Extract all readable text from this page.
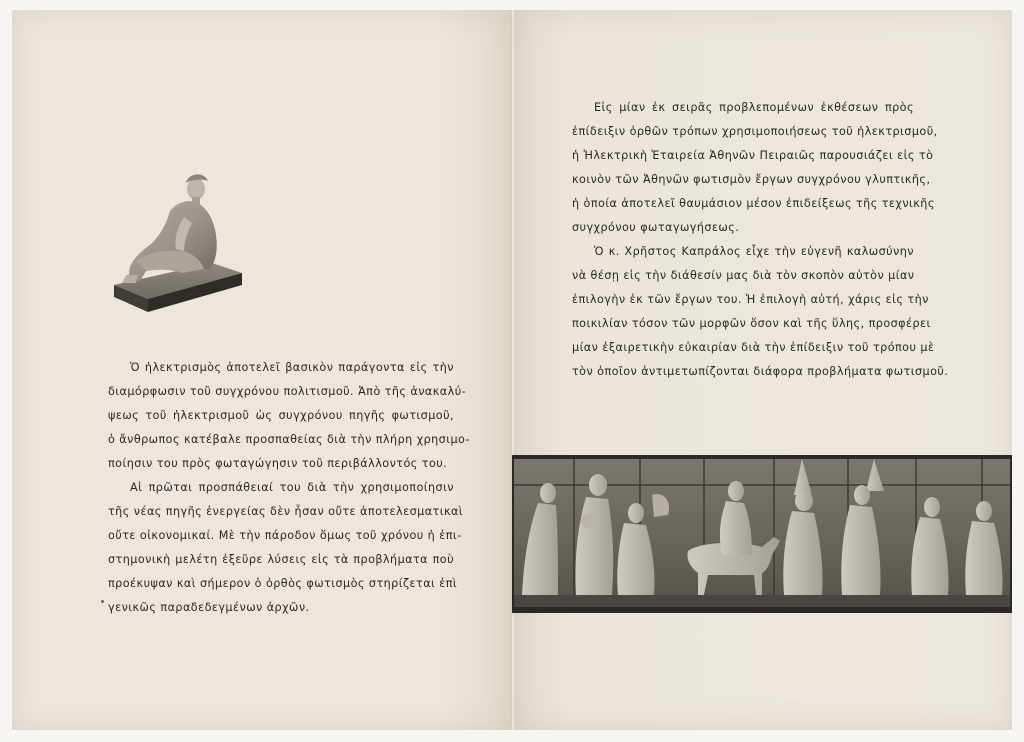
Ὁ ἠλεκτρισμὸς ἀποτελεῖ βασικὸν παράγοντα εἰς τὴν
διαμόρφωσιν τοῦ συγχρόνου πολιτισμοῦ. Ἀπὸ τῆς ἀνακαλύ-
ψεως τοῦ ἠλεκτρισμοῦ ὡς συγχρόνου πηγῆς φωτισμοῦ,
ὁ ἄνθρωπος κατέβαλε προσπαθείας διὰ τὴν πλήρη χρησιμο-
ποίησιν του πρὸς φωταγώγησιν τοῦ περιβάλλοντός του.

Αἱ πρῶται προσπάθειαί του διὰ τὴν χρησιμοποίησιν
τῆς νέας πηγῆς ἐνεργείας δὲν ἦσαν οὔτε ἀποτελεσματικαὶ
οὔτε οἰκονομικαί. Μὲ τὴν πάροδον ὅμως τοῦ χρόνου ἡ ἐπι-
στημονικὴ μελέτη ἐξεῦρε λύσεις εἰς τὰ προβλήματα ποὺ
προέκυψαν καὶ σήμερον ὁ ὀρθὸς φωτισμὸς στηρίζεται ἐπὶ
γενικῶς παραδεδεγμένων ἀρχῶν.

Εἰς μίαν ἐκ σειρᾶς προβλεπομένων ἐκθέσεων πρὸς
ἐπίδειξιν ὀρθῶν τρόπων χρησιμοποιήσεως τοῦ ἠλεκτρισμοῦ,
ἡ Ἠλεκτρικὴ Ἑταιρεία Ἀθηνῶν Πειραιῶς παρουσιάζει εἰς τὸ
κοινὸν τῶν Ἀθηνῶν φωτισμὸν ἔργων συγχρόνου γλυπτικῆς,
ἡ ὁποία ἀποτελεῖ θαυμάσιον μέσον ἐπιδείξεως τῆς τεχνικῆς
συγχρόνου φωταγωγήσεως.

Ὁ κ. Χρῆστος Καπράλος εἶχε τὴν εὐγενῆ καλωσύνην
νὰ θέσῃ εἰς τὴν διάθεσίν μας διὰ τὸν σκοπὸν αὐτὸν μίαν
ἐπιλογὴν ἐκ τῶν ἔργων του. Ἡ ἐπιλογὴ αὐτή, χάρις εἰς τὴν
ποικιλίαν τόσον τῶν μορφῶν ὅσον καὶ τῆς ὕλης, προσφέρει
μίαν ἐξαιρετικὴν εὐκαιρίαν διὰ τὴν ἐπίδειξιν τοῦ τρόπου μὲ
τὸν ὁποῖον ἀντιμετωπίζονται διάφορα προβλήματα φωτισμοῦ.
